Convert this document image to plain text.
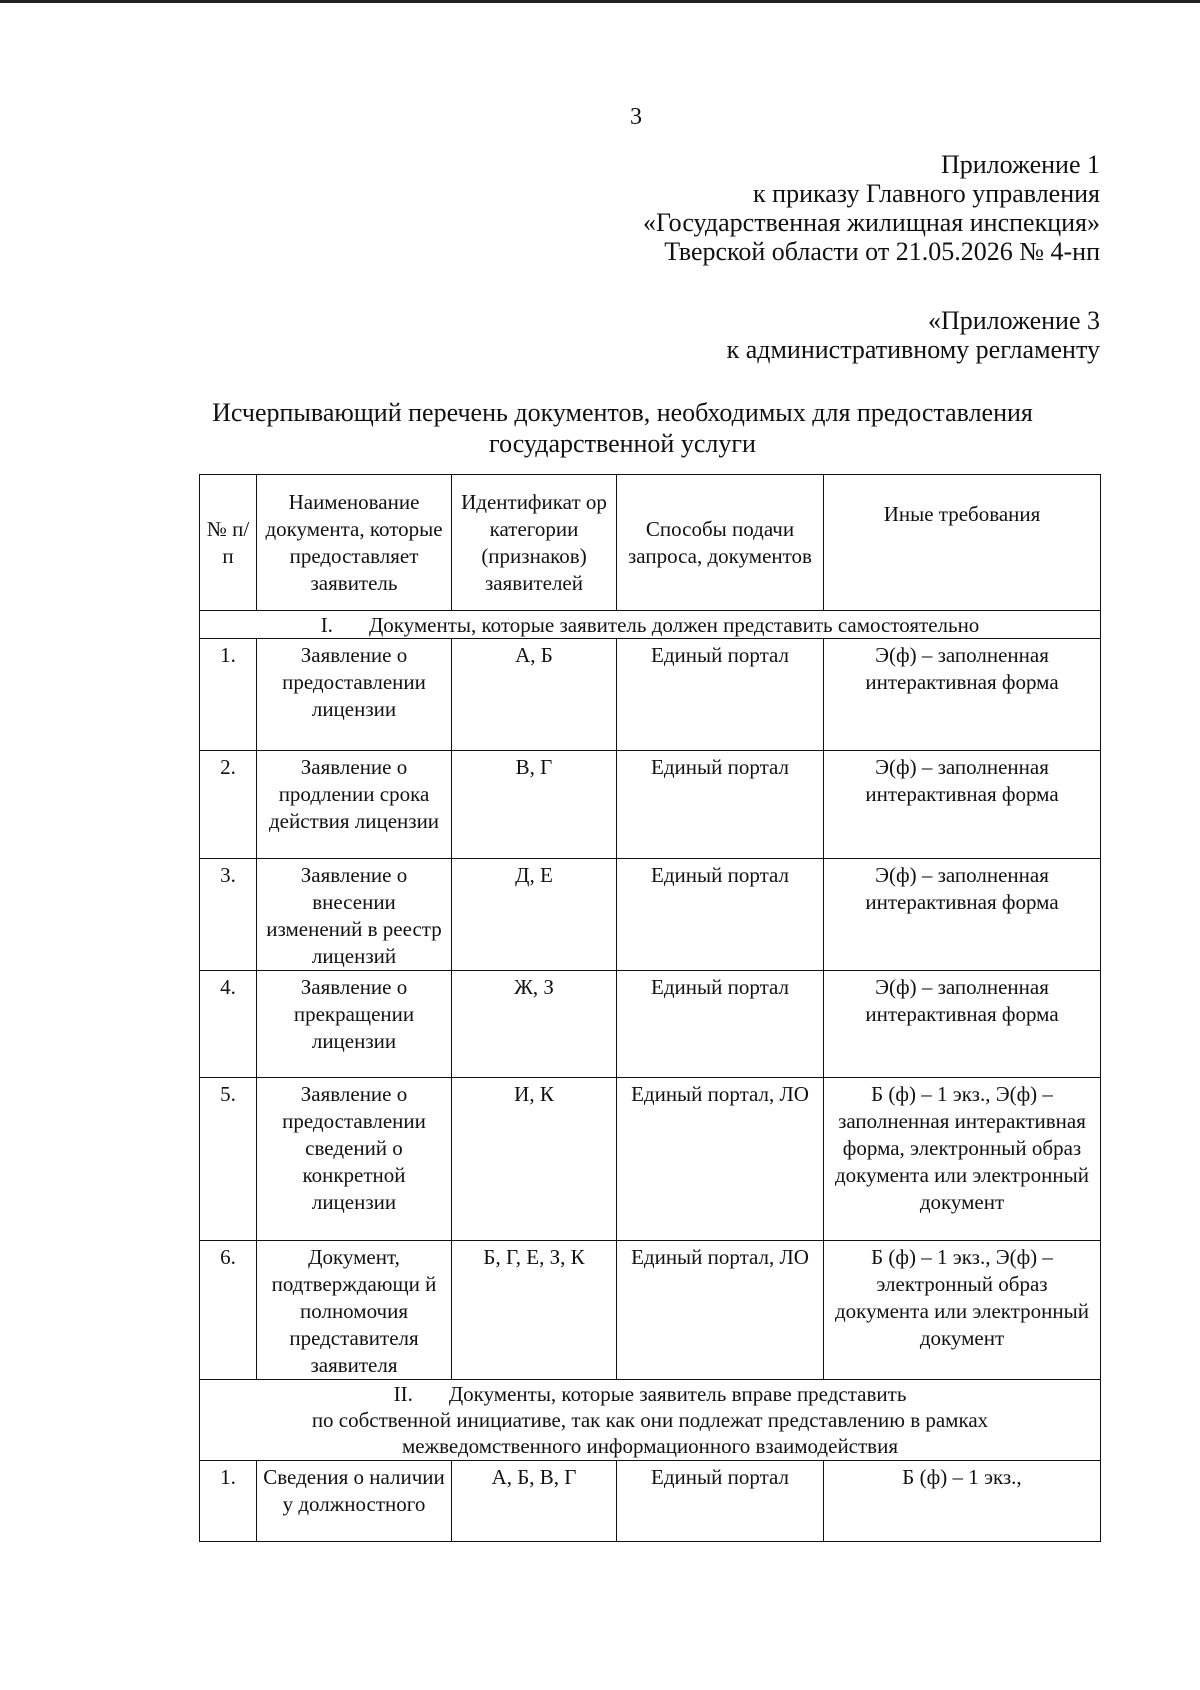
3
Приложение 1
к приказу Главного управления
«Государственная жилищная инспекция»
Тверской области от 21.05.2026 № 4-нп
«Приложение 3
к административному регламенту
Исчерпывающий перечень документов, необходимых для предоставления
государственной услуги
№ п/п	Наименование документа, которые предоставляет заявитель	Идентификат ор категории (признаков) заявителей	Способы подачи запроса, документов	Иные требования
I. Документы, которые заявитель должен представить самостоятельно				
1.	Заявление о предоставлении лицензии	А, Б	Единый портал	Э(ф) – заполненная интерактивная форма
2.	Заявление о продлении срока действия лицензии	В, Г	Единый портал	Э(ф) – заполненная интерактивная форма
3.	Заявление о внесении изменений в реестр лицензий	Д, Е	Единый портал	Э(ф) – заполненная интерактивная форма
4.	Заявление о прекращении лицензии	Ж, З	Единый портал	Э(ф) – заполненная интерактивная форма
5.	Заявление о предоставлении сведений о конкретной лицензии	И, К	Единый портал, ЛО	Б (ф) – 1 экз., Э(ф) – заполненная интерактивная форма, электронный образ документа или электронный документ
6.	Документ, подтверждающи й полномочия представителя заявителя	Б, Г, Е, З, К	Единый портал, ЛО	Б (ф) – 1 экз., Э(ф) – электронный образ документа или электронный документ

II. Документы, которые заявитель вправе представить
по собственной инициативе, так как они подлежат представлению в рамках
межведомственного информационного взаимодействия				

1.	Сведения о наличии у должностного	А, Б, В, Г	Единый портал	Б (ф) – 1 экз.,
